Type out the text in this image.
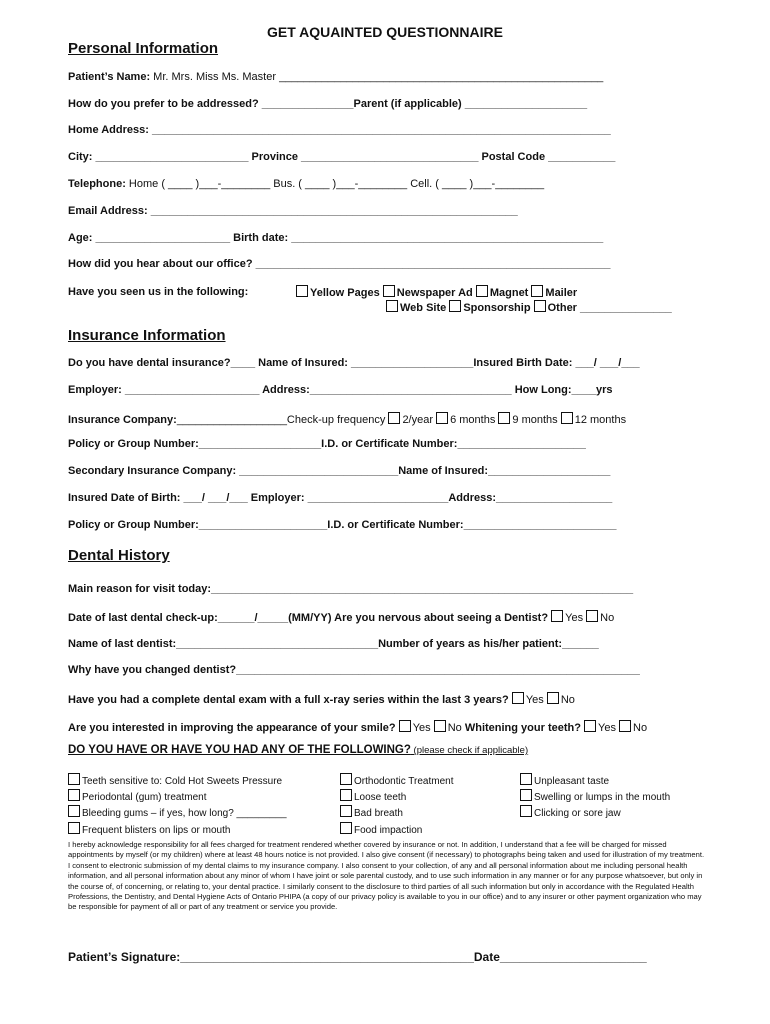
GET AQUAINTED QUESTIONNAIRE
Personal Information
Patient’s Name: Mr. Mrs. Miss Ms. Master _____________________________________________________
How do you prefer to be addressed? _______________Parent (if applicable) ____________________
Home Address: ___________________________________________________________________________
City: _________________________ Province _____________________________ Postal Code ___________
Telephone: Home ( ____ )___-________ Bus. ( ____ )___-________ Cell. ( ____ )___-________
Email Address: ____________________________________________________________
Age: ______________________ Birth date: ___________________________________________________
How did you hear about our office? __________________________________________________________
Have you seen us in the following:	Yellow Pages Newspaper Ad Magnet Mailer
Web Site Sponsorship Other _______________
Insurance Information
Do you have dental insurance?____ Name of Insured: ____________________Insured Birth Date: ___/ ___/___
Employer: ______________________ Address:_________________________________ How Long:____yrs
Insurance Company:__________________Check-up frequency 2/year 6 months 9 months 12 months
Policy or Group Number:____________________I.D. or Certificate Number:_____________________
Secondary Insurance Company: __________________________Name of Insured:____________________
Insured Date of Birth: ___/ ___/___ Employer: _______________________Address:___________________
Policy or Group Number:_____________________I.D. or Certificate Number:_________________________
Dental History
Main reason for visit today:_____________________________________________________________________
Date of last dental check-up:______/_____(MM/YY) Are you nervous about seeing a Dentist? Yes No
Name of last dentist:_________________________________Number of years as his/her patient:______
Why have you changed dentist?__________________________________________________________________
Have you had a complete dental exam with a full x-ray series within the last 3 years? Yes No
Are you interested in improving the appearance of your smile? Yes No Whitening your teeth? Yes No
DO YOU HAVE OR HAVE YOU HAD ANY OF THE FOLLOWING? (please check if applicable)
Teeth sensitive to: Cold Hot Sweets Pressure
Periodontal (gum) treatment
Bleeding gums – if yes, how long? _________
Frequent blisters on lips or mouth
Orthodontic Treatment
Loose teeth
Bad breath
Food impaction
Unpleasant taste
Swelling or lumps in the mouth
Clicking or sore jaw
I hereby acknowledge responsibility for all fees charged for treatment rendered whether covered by insurance or not. In addition, I understand that a fee will be charged for missed appointments by myself (or my children) where at least 48 hours notice is not provided. I also give consent (if necessary) to photographs being taken and used for illustration of my treatment. I consent to electronic submission of my dental claims to my insurance company. I also consent to your collection, of any and all personal information about me including personal health information, and all personal information about any minor of whom I have joint or sole parental custody, and to use such information in any manner or for any purpose whatsoever, but only in the course of, of concerning, or relating to, your dental practice. I similarly consent to the disclosure to third parties of all such information but only in accordance with the Regulated Health Professions, the Dentistry, and Dental Hygiene Acts of Ontario PHIPA (a copy of our privacy policy is available to you in our office) and to any insurer or other payment organization who may be responsible for payment of all or part of any treatment or service you provide.
Patient’s Signature:____________________________________________Date______________________
